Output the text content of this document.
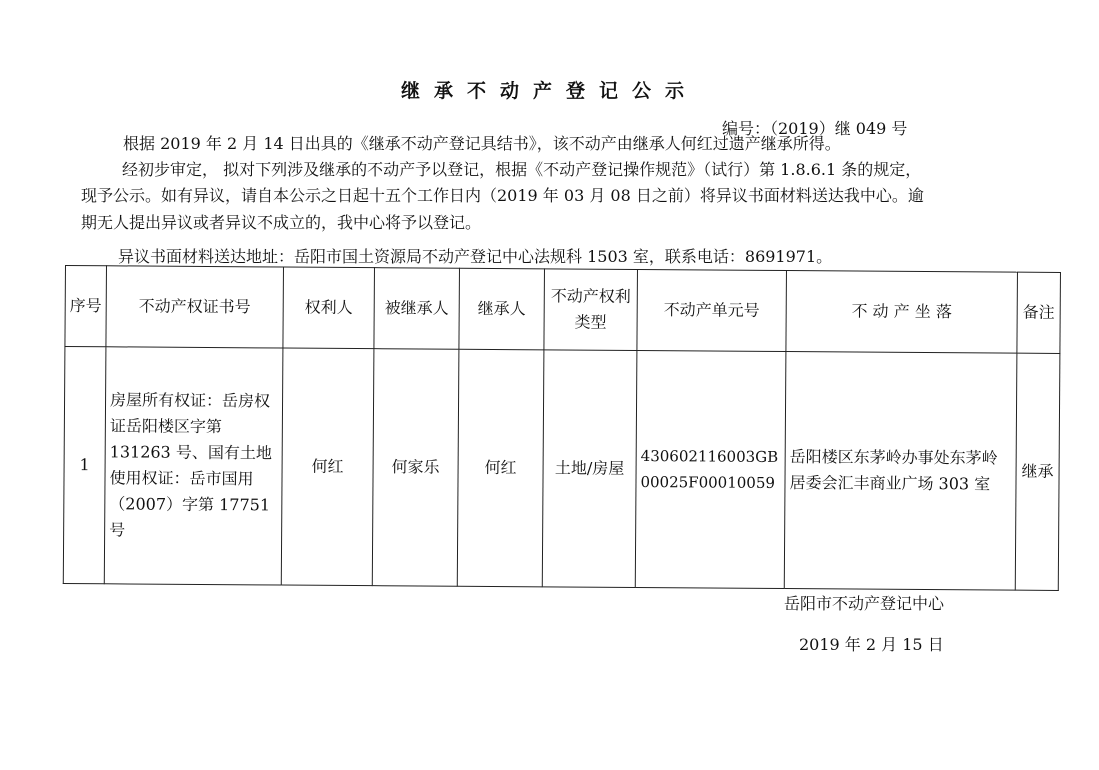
继承不动产登记公示
编号：（2019）继 049 号
根据 2019 年 2 月 14 日出具的《继承不动产登记具结书》，该不动产由继承人何红过遗产继承所得。
经初步审定， 拟对下列涉及继承的不动产予以登记，根据《不动产登记操作规范》（试行）第 1.8.6.1 条的规定，
现予公示。如有异议，请自本公示之日起十五个工作日内（2019 年 03 月 08 日之前）将异议书面材料送达我中心。逾
期无人提出异议或者异议不成立的，我中心将予以登记。
异议书面材料送达地址：岳阳市国土资源局不动产登记中心法规科 1503 室，联系电话：8691971。
序号	不动产权证书号	权利人	被继承人	继承人	不动产权利类型	不动产单元号	不 动 产 坐 落	备注
1	房屋所有权证：岳房权证岳阳楼区字第 131263 号、国有土地使用权证：岳市国用（2007）字第 17751 号	何红	何家乐	何红	土地/房屋	430602116003GB00025F00010059	岳阳楼区东茅岭办事处东茅岭居委会汇丰商业广场 303 室	继承
岳阳市不动产登记中心
2019 年 2 月 15 日
